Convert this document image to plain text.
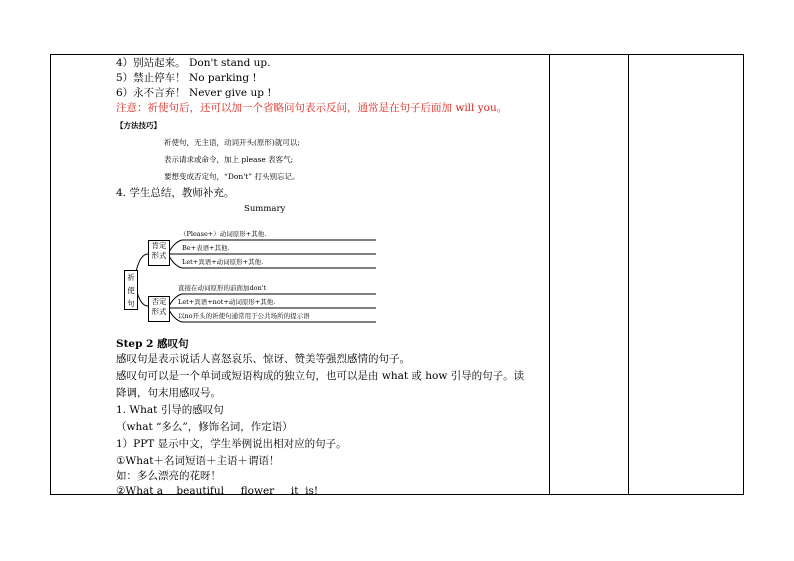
4）别站起来。 Don't stand up.
5）禁止停车！ No parking !
6）永不言弃！ Never give up !
注意：祈使句后，还可以加一个省略问句表示反问，通常是在句子后面加 will you。
【方法技巧】
祈使句，无主语，动词开头(原形)就可以;
表示请求或命令，加上 please 表客气;
要想变成否定句，“Don't” 打头别忘记。
4. 学生总结，教师补充。
Summary
祈使句
肯定形式
否定形式
（Please+）动词原形+其他.
Be+表语+其他.
Let+宾语+动词原形+其他.
直接在动词原形的前面加don't
Let+宾语+not+动词原形+其他.
以no开头的祈使句通常用于公共场所的提示语
Step 2 感叹句
感叹句是表示说话人喜怒哀乐、惊讶、赞美等强烈感情的句子。
感叹句可以是一个单词或短语构成的独立句，也可以是由 what 或 how 引导的句子。读
降调，句末用感叹号。
1. What 引导的感叹句
（what “多么”，修饰名词，作定语）
1）PPT 显示中文，学生举例说出相对应的句子。
①What＋名词短语＋主语＋谓语！
如：多么漂亮的花呀！
②What a    beautiful     flower     it  is!
